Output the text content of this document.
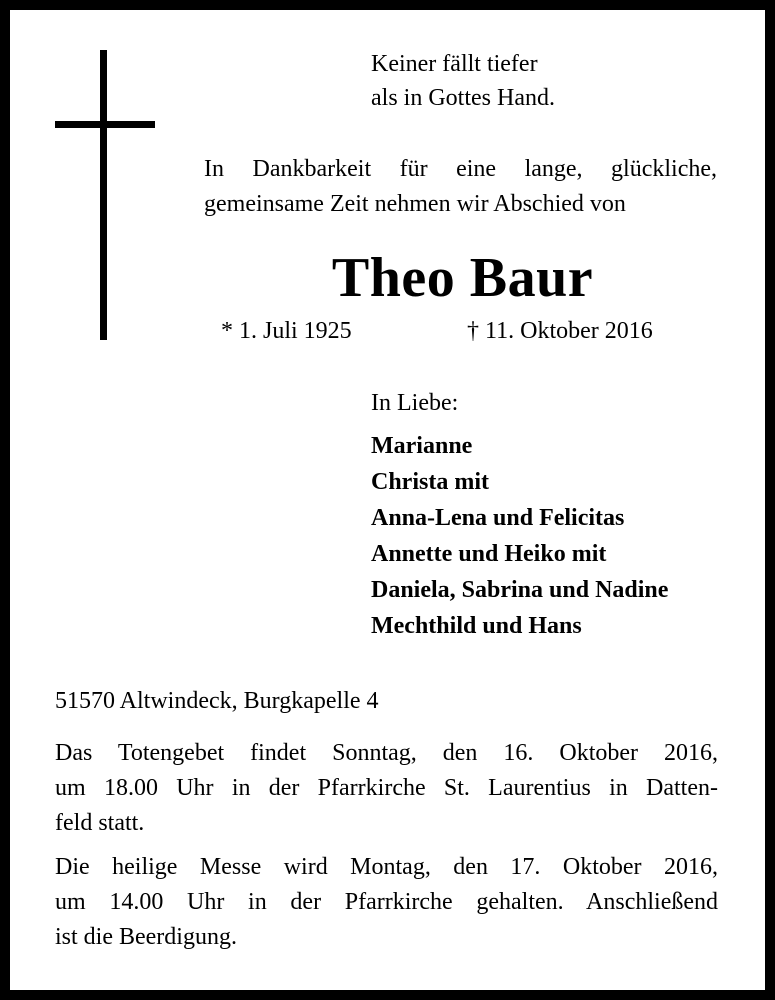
Keiner fällt tiefer
als in Gottes Hand.
In Dankbarkeit für eine lange, glückliche,
gemeinsame Zeit nehmen wir Abschied von
Theo Baur
* 1. Juli 1925	† 11. Oktober 2016
In Liebe:
Marianne
Christa mit
Anna-Lena und Felicitas
Annette und Heiko mit
Daniela, Sabrina und Nadine
Mechthild und Hans
51570 Altwindeck, Burgkapelle 4
Das Totengebet findet Sonntag, den 16. Oktober 2016,
um 18.00 Uhr in der Pfarrkirche St. Laurentius in Datten-
feld statt.
Die heilige Messe wird Montag, den 17. Oktober 2016,
um 14.00 Uhr in der Pfarrkirche gehalten. Anschließend
ist die Beerdigung.
